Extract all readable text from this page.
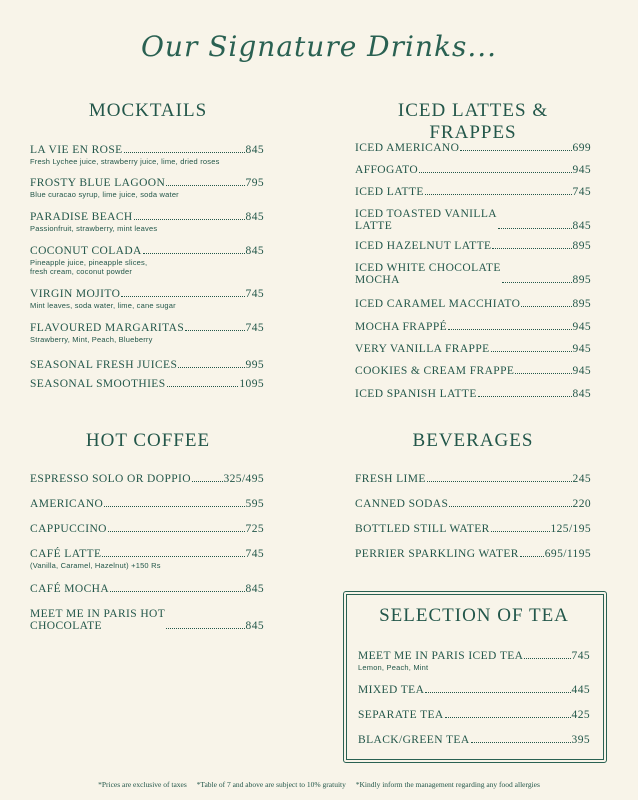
Our Signature Drinks...
MOCKTAILS	ICED LATTES & FRAPPES
HOT COFFEE	BEVERAGES
SELECTION OF TEA
LA VIE EN ROSE	845
Fresh Lychee juice, strawberry juice, lime, dried roses
FROSTY BLUE LAGOON	795
Blue curacao syrup, lime juice, soda water
PARADISE BEACH	845
Passionfruit, strawberry, mint leaves
COCONUT COLADA	845
Pineapple juice, pineapple slices,
fresh cream, coconut powder
VIRGIN MOJITO	745
Mint leaves, soda water, lime, cane sugar
FLAVOURED MARGARITAS	745
Strawberry, Mint, Peach, Blueberry
SEASONAL FRESH JUICES	995
SEASONAL SMOOTHIES	1095
ICED AMERICANO	699
AFFOGATO	945
ICED LATTE	745
ICED TOASTED VANILLA
LATTE	845
ICED HAZELNUT LATTE	895
ICED WHITE CHOCOLATE
MOCHA	895
ICED CARAMEL MACCHIATO	895
MOCHA FRAPPÉ	945
VERY VANILLA FRAPPE	945
COOKIES & CREAM FRAPPE	945
ICED SPANISH LATTE	845
ESPRESSO SOLO OR DOPPIO	325/495
AMERICANO	595
CAPPUCCINO	725
CAFÉ LATTE	745
(Vanilla, Caramel, Hazelnut) +150 Rs
CAFÉ MOCHA	845
MEET ME IN PARIS HOT
CHOCOLATE	845
FRESH LIME	245
CANNED SODAS	220
BOTTLED STILL WATER	125/195
PERRIER SPARKLING WATER 695/1195
MEET ME IN PARIS ICED TEA	745
Lemon, Peach, Mint
MIXED TEA	445
SEPARATE TEA	425
BLACK/GREEN TEA	395
*Prices are exclusive of taxes *Table of 7 and above are subject to 10% gratuity *Kindly inform the management regarding any food allergies
